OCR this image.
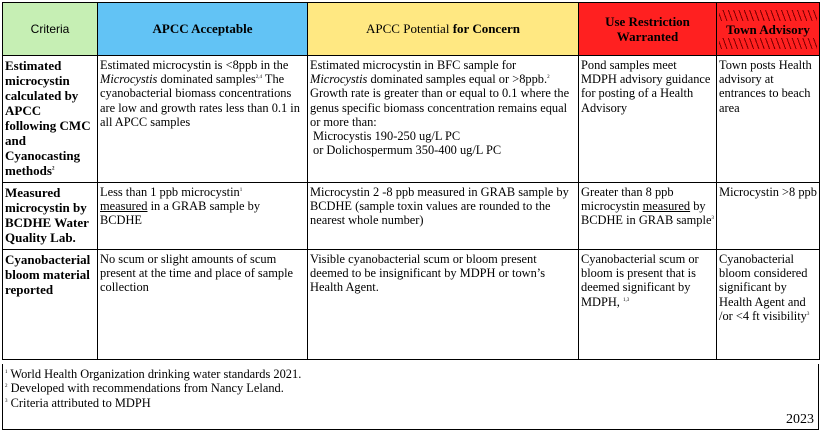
Criteria	APCC Acceptable	APCC Potential for Concern	Use Restriction Warranted	Town Advisory

Estimated microcystin calculated by APCC following CMC and Cyanocasting methods$^2$	Estimated microcystin is <8ppb in the Microcystis dominated samples$^{2,4}$ The cyanobacterial biomass concentrations are low and growth rates less than 0.1 in all APCC samples	Estimated microcystin in BFC sample for Microcystis dominated samples equal or >8ppb.$^2$ Growth rate is greater than or equal to 0.1 where the genus specific biomass concentration remains equal or more than:
Microcystis 190-250 ug/L PC
or Dolichospermum 350-400 ug/L PC	Pond samples meet MDPH advisory guidance for posting of a Health Advisory	Town posts Health advisory at entrances to beach area
Measured microcystin by BCDHE Water Quality Lab.	Less than 1 ppb microcystin$^1$
measured in a GRAB sample by BCDHE	Microcystin 2 -8 ppb measured in GRAB sample by BCDHE (sample toxin values are rounded to the nearest whole number)	Greater than 8 ppb microcystin measured by BCDHE in GRAB sample$^3$	Microcystin >8 ppb
Cyanobacterial bloom material reported	No scum or slight amounts of scum present at the time and place of sample collection	Visible cyanobacterial scum or bloom present deemed to be insignificant by MDPH or town’s Health Agent.	Cyanobacterial scum or bloom is present that is deemed significant by MDPH, $^{1,3}$	Cyanobacterial bloom considered significant by Health Agent and /or <4 ft visibility$^3$
$^1$ World Health Organization drinking water standards 2021.
$^2$ Developed with recommendations from Nancy Leland.
$^3$ Criteria attributed to MDPH
2023
